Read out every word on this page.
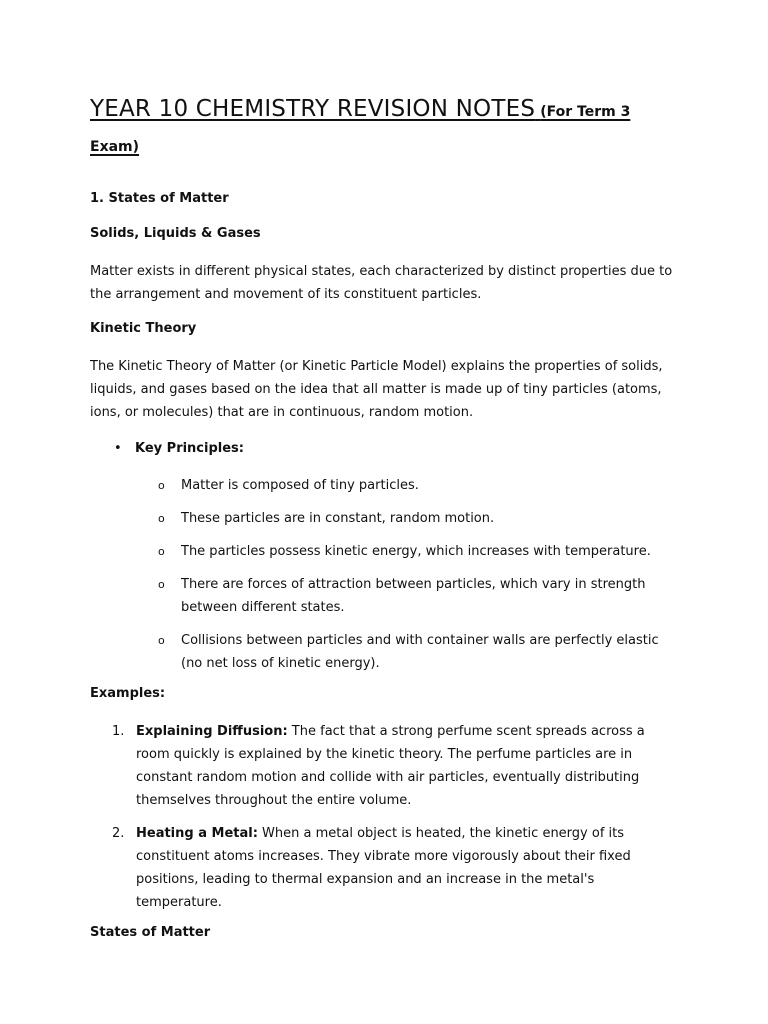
YEAR 10 CHEMISTRY REVISION NOTES (For Term 3 Exam)
1. States of Matter
Solids, Liquids & Gases

Matter exists in different physical states, each characterized by distinct properties due to the arrangement and movement of its constituent particles.

Kinetic Theory

The Kinetic Theory of Matter (or Kinetic Particle Model) explains the properties of solids, liquids, and gases based on the idea that all matter is made up of tiny particles (atoms, ions, or molecules) that are in continuous, random motion.

• Key Principles:
o Matter is composed of tiny particles.
o These particles are in constant, random motion.
o The particles possess kinetic energy, which increases with temperature.
o There are forces of attraction between particles, which vary in strength between different states.
o Collisions between particles and with container walls are perfectly elastic (no net loss of kinetic energy).
Examples:
1. Explaining Diffusion: The fact that a strong perfume scent spreads across a room quickly is explained by the kinetic theory. The perfume particles are in constant random motion and collide with air particles, eventually distributing themselves throughout the entire volume.
2. Heating a Metal: When a metal object is heated, the kinetic energy of its constituent atoms increases. They vibrate more vigorously about their fixed positions, leading to thermal expansion and an increase in the metal's temperature.
States of Matter
